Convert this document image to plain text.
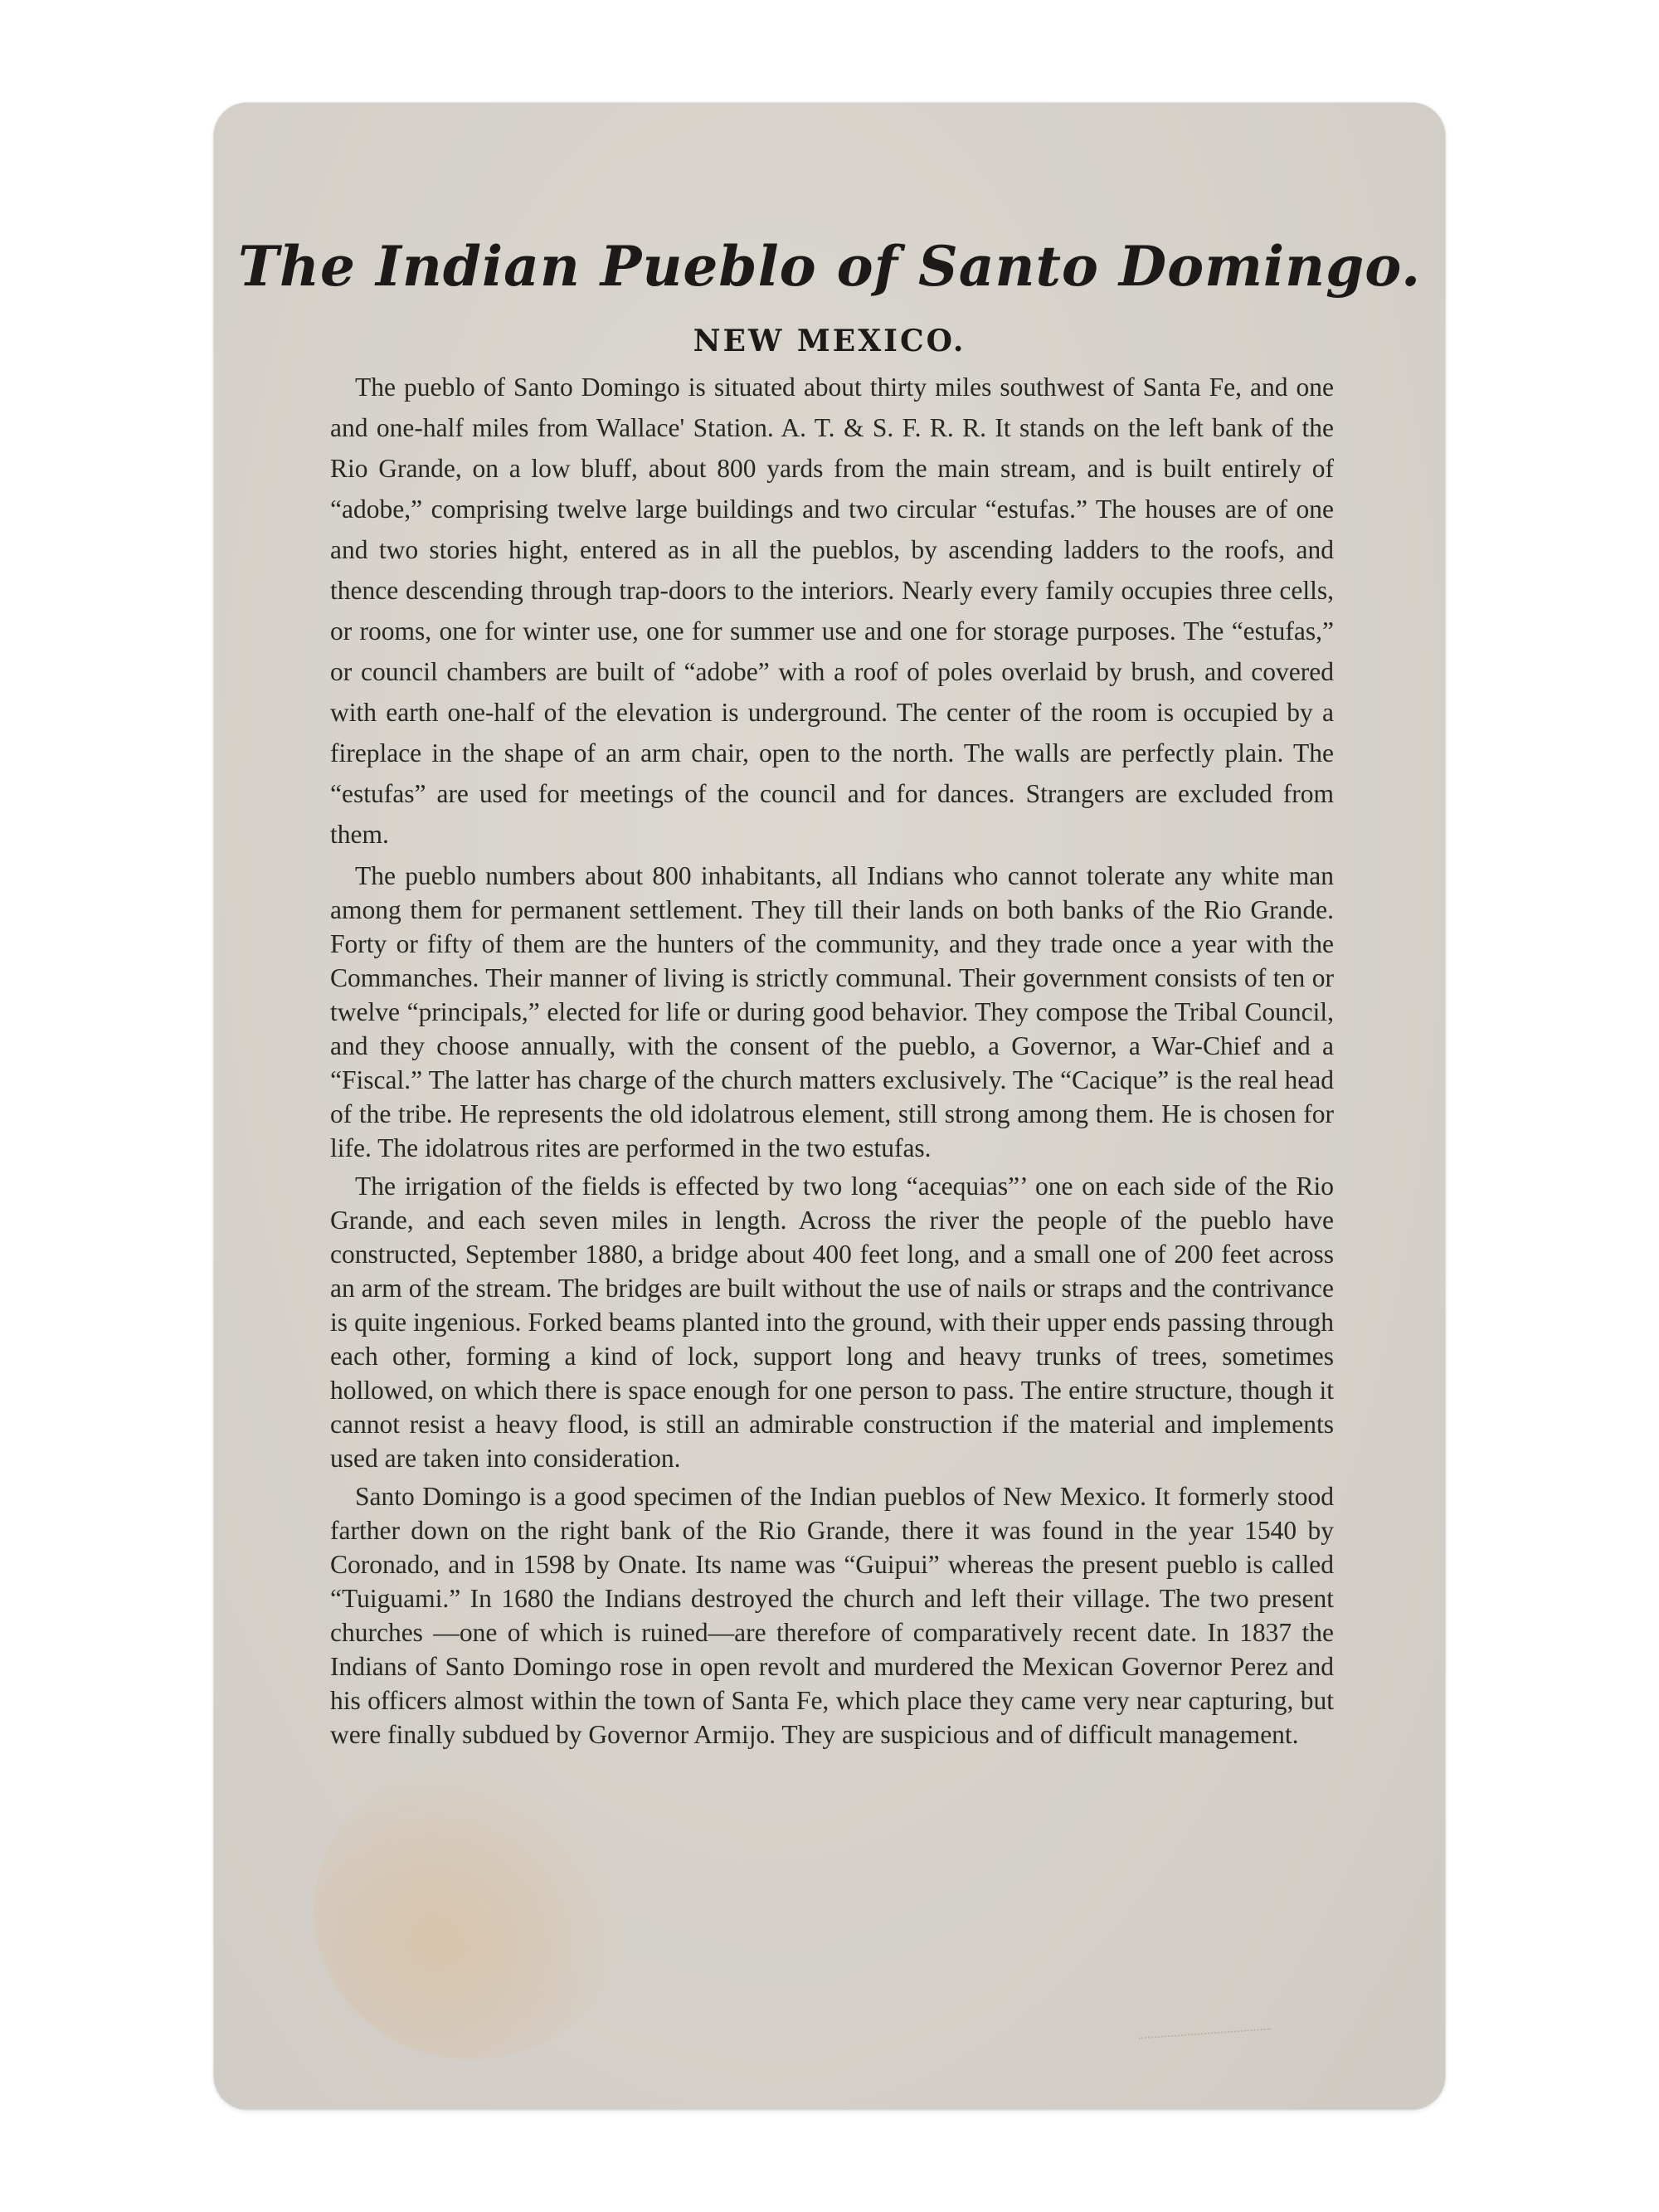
The Indian Pueblo of Santo Domingo.
NEW MEXICO.

The pueblo of Santo Domingo is situated about thirty miles southwest of Santa Fe, and one and one-half miles from Wallace' Station. A. T. & S. F. R. R. It stands on the left bank of the Rio Grande, on a low bluff, about 800 yards from the main stream, and is built entirely of “adobe,” comprising twelve large buildings and two circular “estufas.” The houses are of one and two stories hight, entered as in all the pueblos, by ascending ladders to the roofs, and thence descending through trap-doors to the interiors. Nearly every family occupies three cells, or rooms, one for winter use, one for summer use and one for storage purposes. The “estufas,” or council chambers are built of “adobe” with a roof of poles overlaid by brush, and covered with earth one-half of the elevation is underground. The center of the room is occupied by a fireplace in the shape of an arm chair, open to the north. The walls are perfectly plain. The “estufas” are used for meetings of the council and for dances. Strangers are excluded from them.

The pueblo numbers about 800 inhabitants, all Indians who cannot tolerate any white man among them for permanent settlement. They till their lands on both banks of the Rio Grande. Forty or fifty of them are the hunters of the community, and they trade once a year with the Commanches. Their manner of living is strictly communal. Their government consists of ten or twelve “principals,” elected for life or during good behavior. They compose the Tribal Council, and they choose annually, with the consent of the pueblo, a Governor, a War-Chief and a “Fiscal.” The latter has charge of the church matters exclusively. The “Cacique” is the real head of the tribe. He represents the old idolatrous element, still strong among them. He is chosen for life. The idolatrous rites are performed in the two estufas.

The irrigation of the fields is effected by two long “acequias”’ one on each side of the Rio Grande, and each seven miles in length. Across the river the people of the pueblo have constructed, September 1880, a bridge about 400 feet long, and a small one of 200 feet across an arm of the stream. The bridges are built without the use of nails or straps and the contrivance is quite ingenious. Forked beams planted into the ground, with their upper ends passing through each other, forming a kind of lock, support long and heavy trunks of trees, sometimes hollowed, on which there is space enough for one person to pass. The entire structure, though it cannot resist a heavy flood, is still an admirable construction if the material and implements used are taken into consideration.

Santo Domingo is a good specimen of the Indian pueblos of New Mexico. It formerly stood farther down on the right bank of the Rio Grande, there it was found in the year 1540 by Coronado, and in 1598 by Onate. Its name was “Guipui” whereas the present pueblo is called “Tuiguami.” In 1680 the Indians destroyed the church and left their village. The two present churches —one of which is ruined—are therefore of comparatively recent date. In 1837 the Indians of Santo Domingo rose in open revolt and murdered the Mexican Governor Perez and his officers almost within the town of Santa Fe, which place they came very near capturing, but were finally subdued by Governor Armijo. They are suspicious and of difficult management.
